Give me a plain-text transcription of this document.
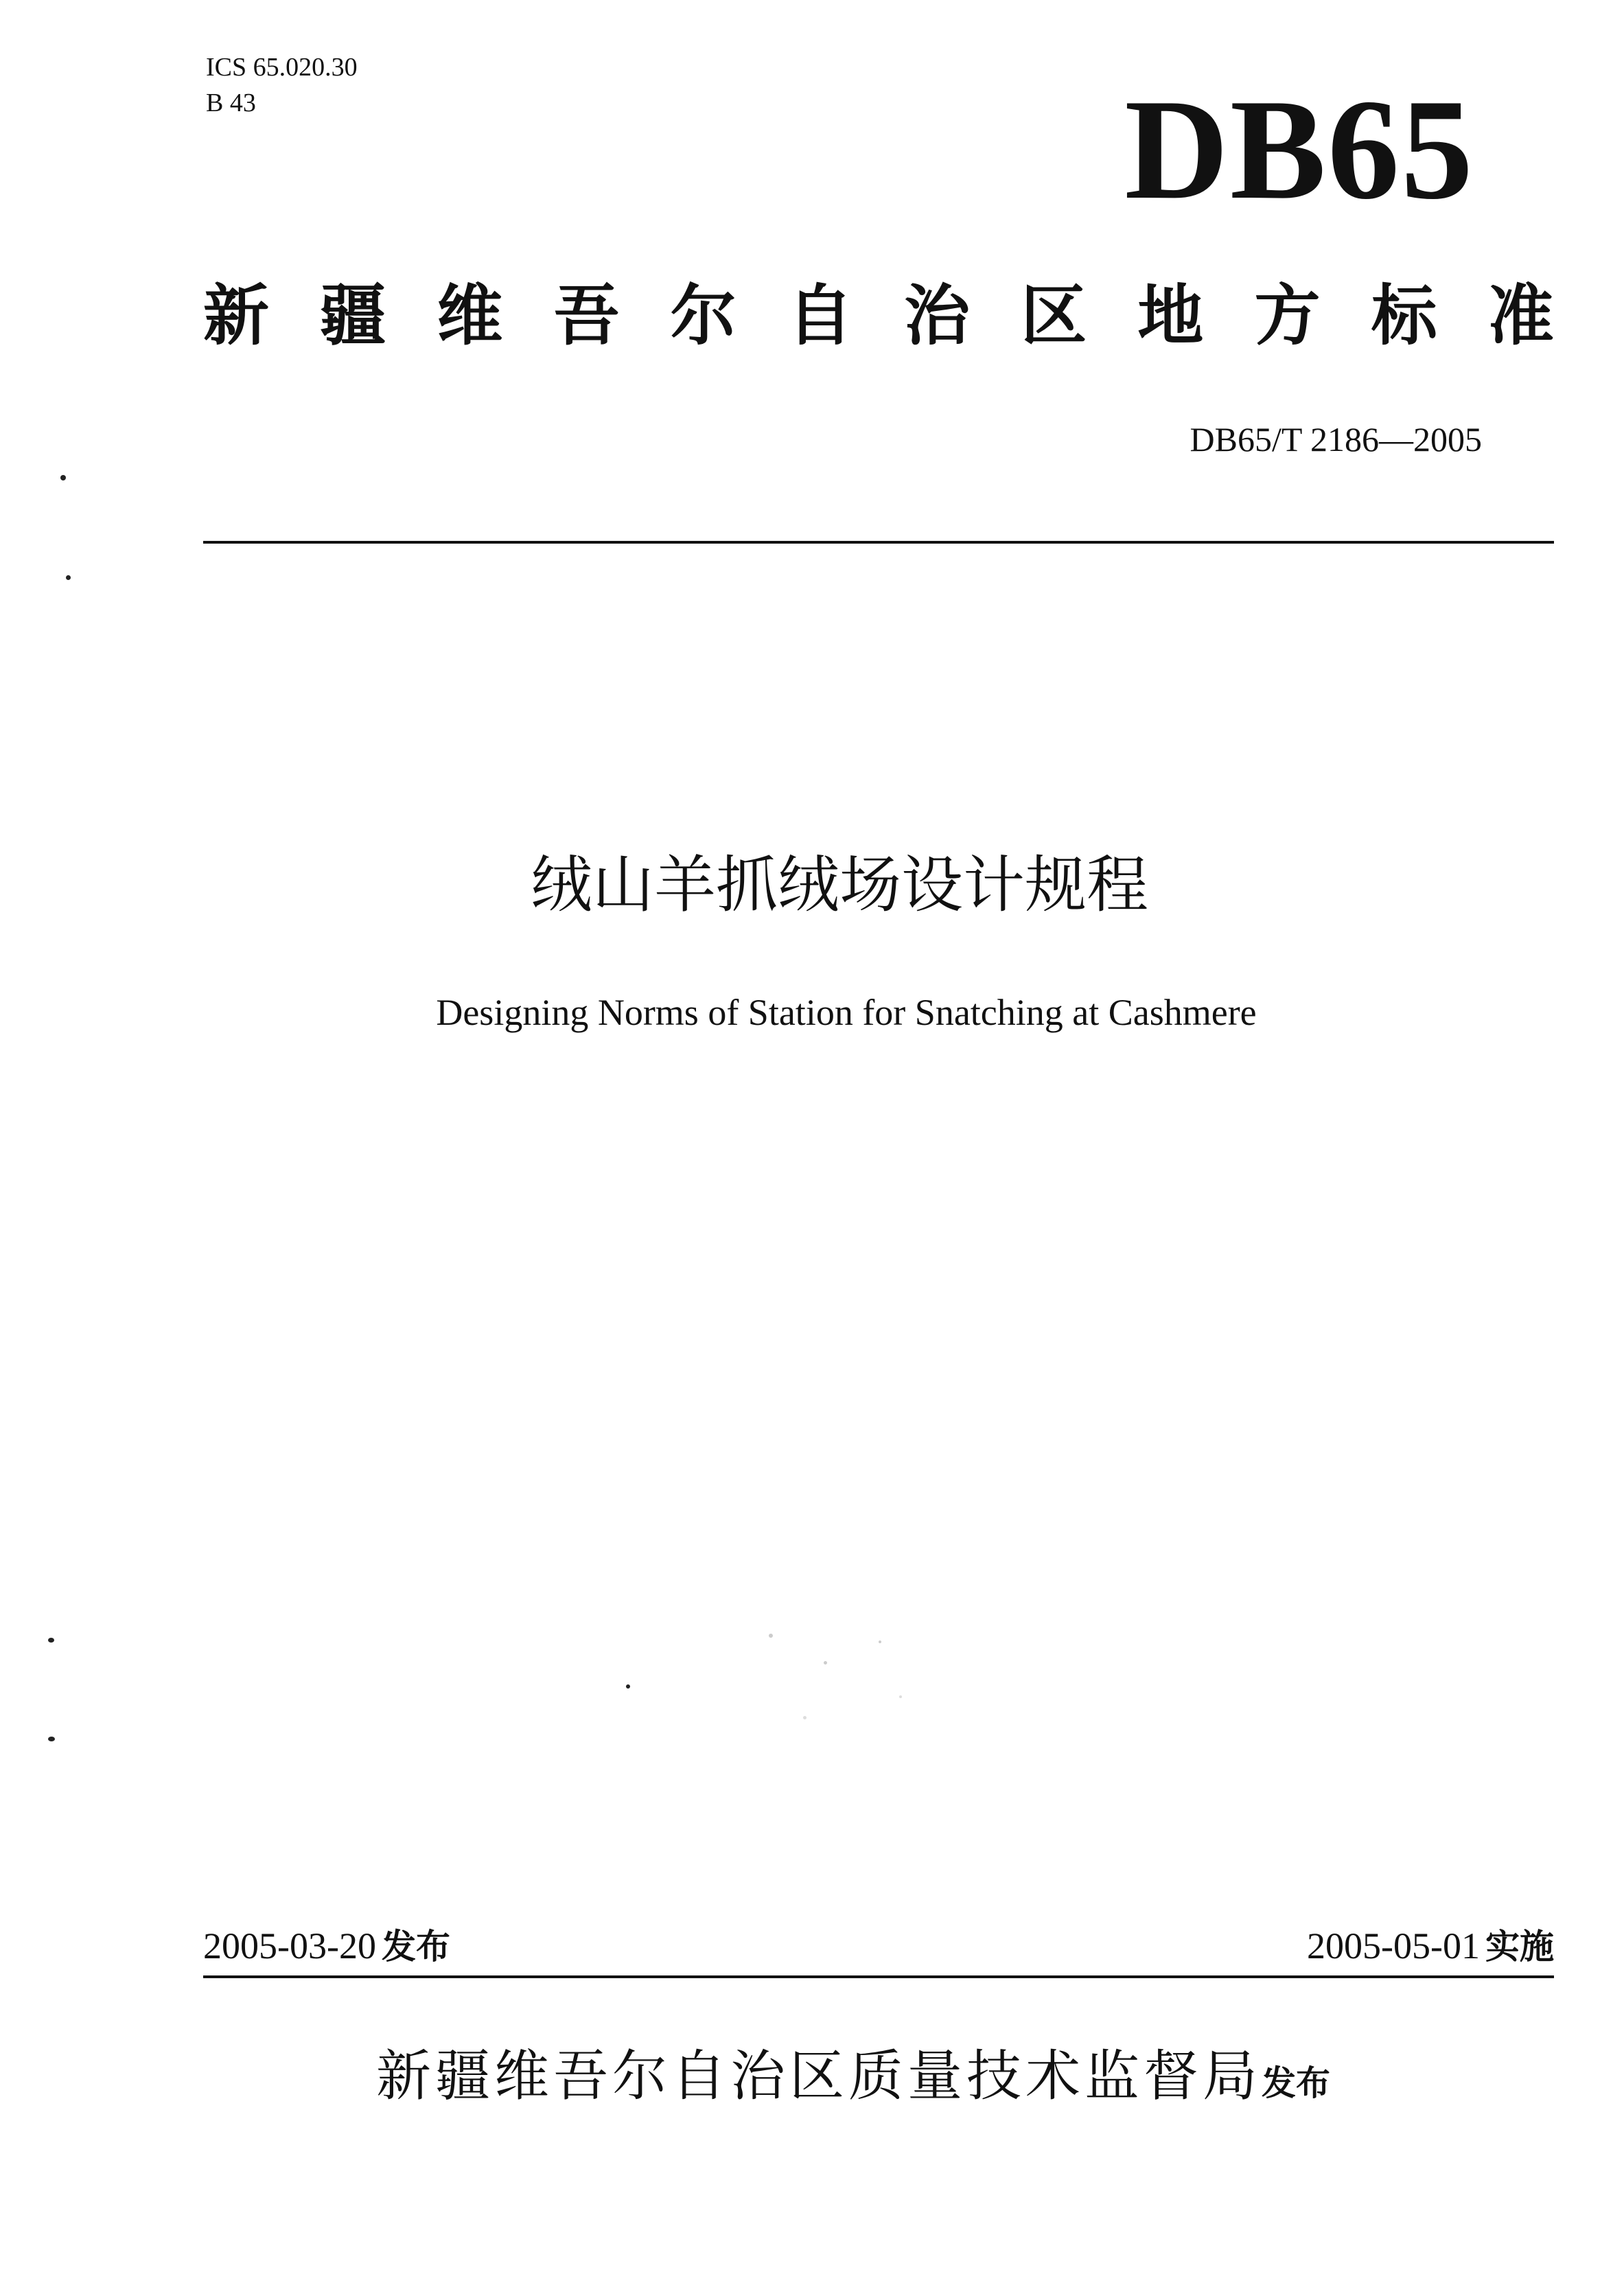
ICS 65.020.30
B 43	DB65
新 疆 维 吾 尔 自 治 区 地 方 标 准
DB65/T 2186—2005
绒山羊抓绒场设计规程
Designing Norms of Station for Snatching at Cashmere
2005-03-20 发布	2005-05-01 实施
新疆维吾尔自治区质量技术监督局发布
